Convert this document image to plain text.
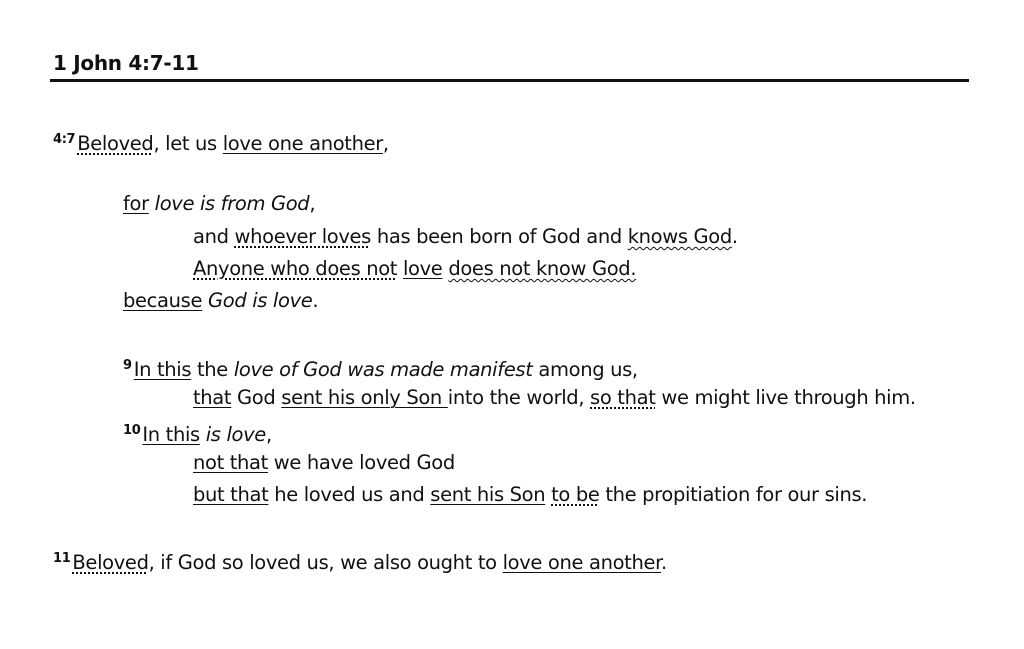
1 John 4:7-11
$^{4:7}$ Beloved, let us love one another,
for love is from God,
and whoever loves has been born of God and knows God.
Anyone who does not love does not know God.
because God is love.
$^9$ In this the love of God was made manifest among us,
that God sent his only Son into the world, so that we might live through him.
$^{10}$ In this is love,
not that we have loved God
but that he loved us and sent his Son to be the propitiation for our sins.
$^{11}$ Beloved, if God so loved us, we also ought to love one another.
